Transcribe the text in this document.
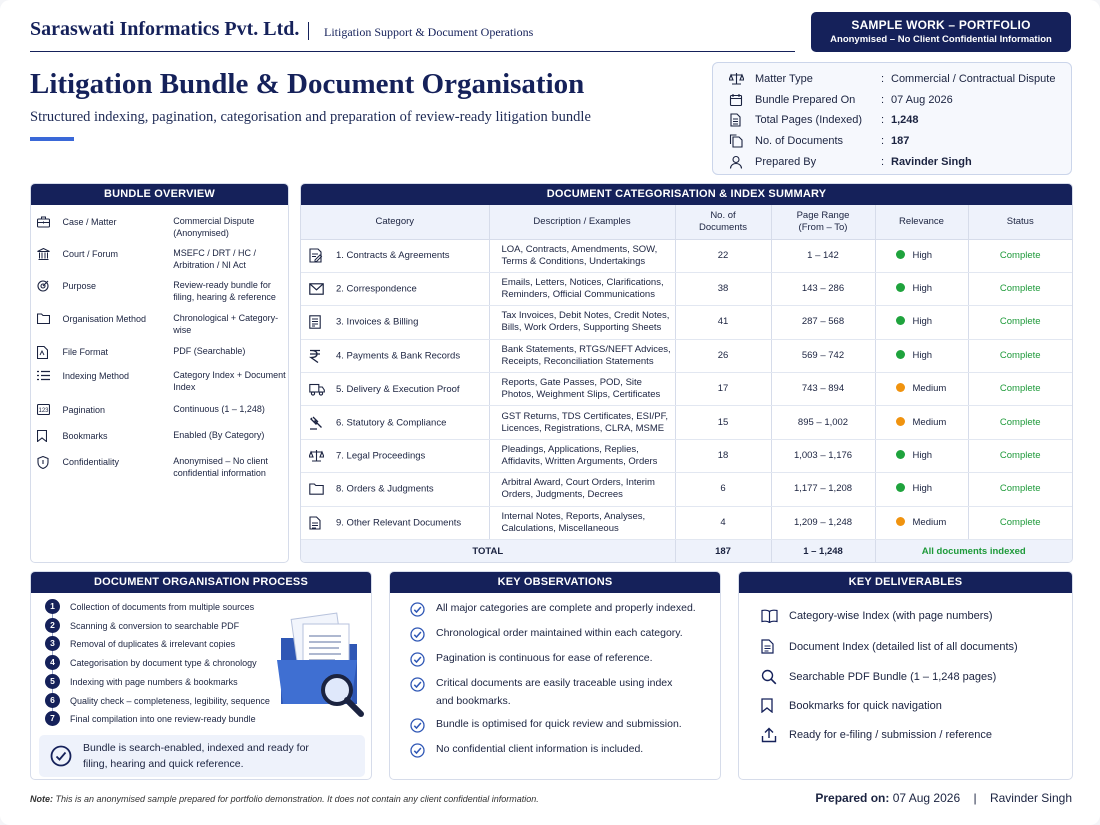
Saraswati Informatics Pvt. Ltd. Litigation Support & Document Operations	SAMPLE WORK – PORTFOLIO
Anonymised – No Client Confidential Information
Litigation Bundle & Document Organisation
Structured indexing, pagination, categorisation and preparation of review-ready litigation bundle
Matter Type	: Commercial / Contractual Dispute
Bundle Prepared On	: 07 Aug 2026
Total Pages (Indexed)	: 1,248
No. of Documents	: 187
Prepared By	: Ravinder Singh
BUNDLE OVERVIEW
Case / Matter	Commercial Dispute (Anonymised)
Court / Forum	MSEFC / DRT / HC / Arbitration / NI Act
Purpose	Review-ready bundle for filing, hearing & reference
Organisation Method	Chronological + Category-wise
File Format	PDF (Searchable)
Indexing Method	Category Index + Document Index
123 Pagination	Continuous (1 – 1,248)
Bookmarks	Enabled (By Category)
Confidentiality	Anonymised – No client confidential information
DOCUMENT CATEGORISATION & INDEX SUMMARY
Category	Description / Examples	No. of Documents	Page Range (From – To)	Relevance	Status

1. Contracts & Agreements	LOA, Contracts, Amendments, SOW, Terms & Conditions, Undertakings	22	1 – 142	High	Complete

2. Correspondence	Emails, Letters, Notices, Clarifications, Reminders, Official Communications	38	143 – 286	High	Complete

3. Invoices & Billing	Tax Invoices, Debit Notes, Credit Notes, Bills, Work Orders, Supporting Sheets	41	287 – 568	High	Complete

4. Payments & Bank Records	Bank Statements, RTGS/NEFT Advices, Receipts, Reconciliation Statements	26	569 – 742	High	Complete

5. Delivery & Execution Proof	Reports, Gate Passes, POD, Site Photos, Weighment Slips, Certificates	17	743 – 894	Medium	Complete

6. Statutory & Compliance	GST Returns, TDS Certificates, ESI/PF, Licences, Registrations, CLRA, MSME	15	895 – 1,002	Medium	Complete

7. Legal Proceedings	Pleadings, Applications, Replies, Affidavits, Written Arguments, Orders	18	1,003 – 1,176	High	Complete

8. Orders & Judgments	Arbitral Award, Court Orders, Interim Orders, Judgments, Decrees	6	1,177 – 1,208	High	Complete

9. Other Relevant Documents	Internal Notes, Reports, Analyses, Calculations, Miscellaneous	4	1,209 – 1,248	Medium	Complete
TOTAL		187	1 – 1,248	All documents indexed	
DOCUMENT ORGANISATION PROCESS
1	Collection of documents from multiple sources
2	Scanning & conversion to searchable PDF
3	Removal of duplicates & irrelevant copies
4	Categorisation by document type & chronology
5	Indexing with page numbers & bookmarks
6	Quality check – completeness, legibility, sequence
7	Final compilation into one review-ready bundle
Bundle is search-enabled, indexed and ready for
filing, hearing and quick reference.
KEY OBSERVATIONS
All major categories are complete and properly indexed.
Chronological order maintained within each category.
Pagination is continuous for ease of reference.
Critical documents are easily traceable using index
and bookmarks.
Bundle is optimised for quick review and submission.
No confidential client information is included.
KEY DELIVERABLES
Category-wise Index (with page numbers)
Document Index (detailed list of all documents)
Searchable PDF Bundle (1 – 1,248 pages)
Bookmarks for quick navigation
Ready for e-filing / submission / reference
Note: This is an anonymised sample prepared for portfolio demonstration. It does not contain any client confidential information.	Prepared on: 07 Aug 2026 | Ravinder Singh
